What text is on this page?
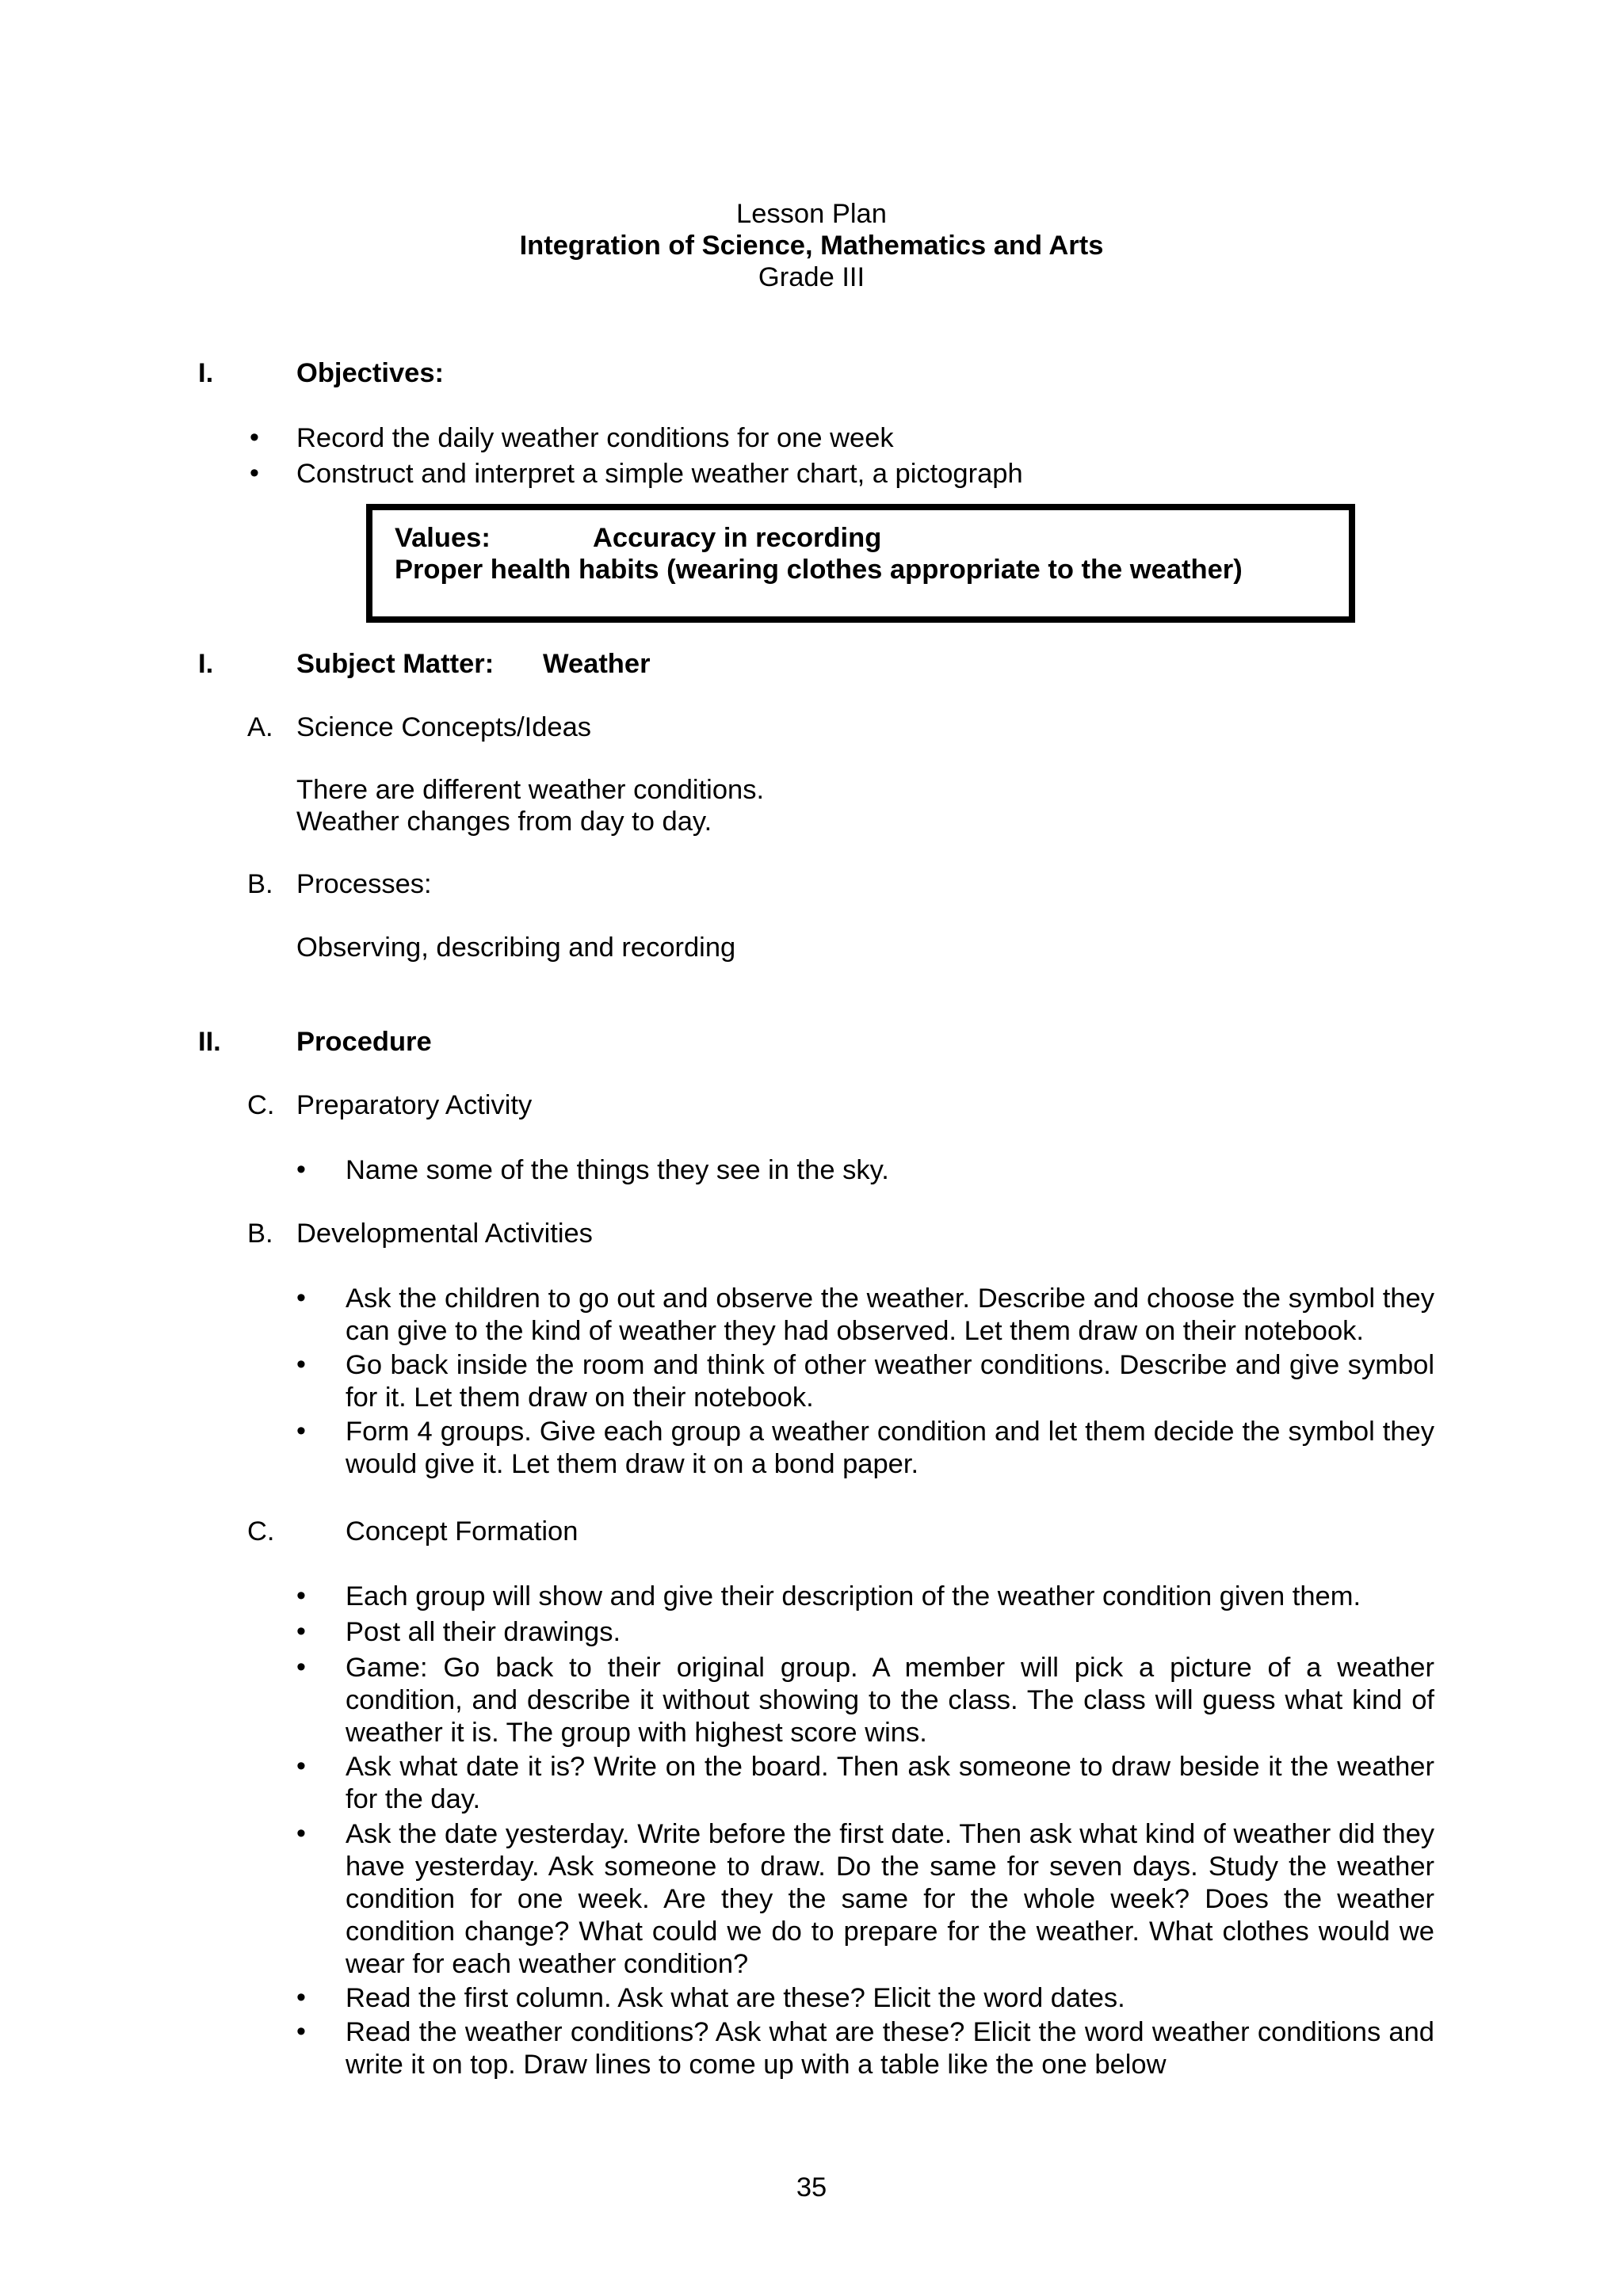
Lesson Plan
Integration of Science, Mathematics and Arts
Grade III
I.	Objectives:
• Record the daily weather conditions for one week
• Construct and interpret a simple weather chart, a pictograph
Values:	Accuracy in recording
Proper health habits (wearing clothes appropriate to the weather)
I.	Subject Matter: Weather
A. Science Concepts/Ideas
There are different weather conditions.
Weather changes from day to day.
B. Processes:
Observing, describing and recording
II.	Procedure
C. Preparatory Activity
• Name some of the things they see in the sky.
B. Developmental Activities
• Ask the children to go out and observe the weather. Describe and choose the symbol they can give to the kind of weather they had observed. Let them draw on their notebook.
• Go back inside the room and think of other weather conditions. Describe and give symbol for it. Let them draw on their notebook.
• Form 4 groups. Give each group a weather condition and let them decide the symbol they would give it. Let them draw it on a bond paper.
C.	Concept Formation
• Each group will show and give their description of the weather condition given them.
• Post all their drawings.
• Game: Go back to their original group. A member will pick a picture of a weather condition, and describe it without showing to the class. The class will guess what kind of weather it is. The group with highest score wins.
• Ask what date it is? Write on the board. Then ask someone to draw beside it the weather for the day.
• Ask the date yesterday. Write before the first date. Then ask what kind of weather did they have yesterday. Ask someone to draw. Do the same for seven days. Study the weather condition for one week. Are they the same for the whole week? Does the weather condition change? What could we do to prepare for the weather. What clothes would we wear for each weather condition?
• Read the first column. Ask what are these? Elicit the word dates.
• Read the weather conditions? Ask what are these? Elicit the word weather conditions and write it on top. Draw lines to come up with a table like the one below
35
